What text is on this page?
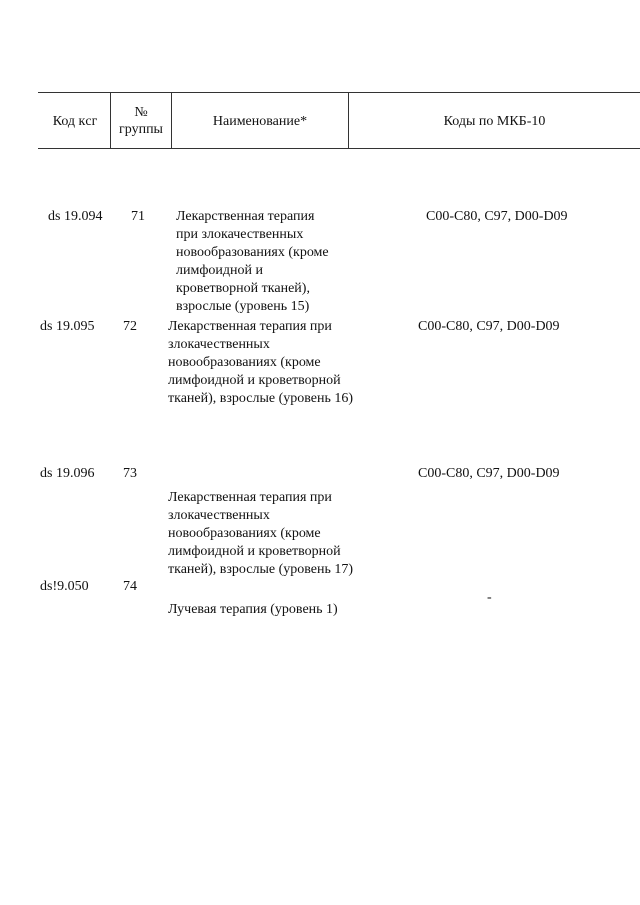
Код кcг
№
группы
Наименование*	Коды по МКБ-10
ds 19.094 71 Лекарственная терапия
при злокачественных
новообразованиях (кроме
лимфоидной и
кроветворной тканей),
взрослые (уровень 15)
C00-C80, C97, D00-D09
ds 19.095 72 Лекарственная терапия при
злокачественных
новообразованиях (кроме
лимфоидной и кроветворной
тканей), взрослые (уровень 16)
C00-C80, C97, D00-D09
ds 19.096 73
Лекарственная терапия при
злокачественных
новообразованиях (кроме
лимфоидной и кроветворной
тканей), взрослые (уровень 17)
C00-C80, C97, D00-D09
ds!9.050 74
Лучевая терапия (уровень 1)
-
